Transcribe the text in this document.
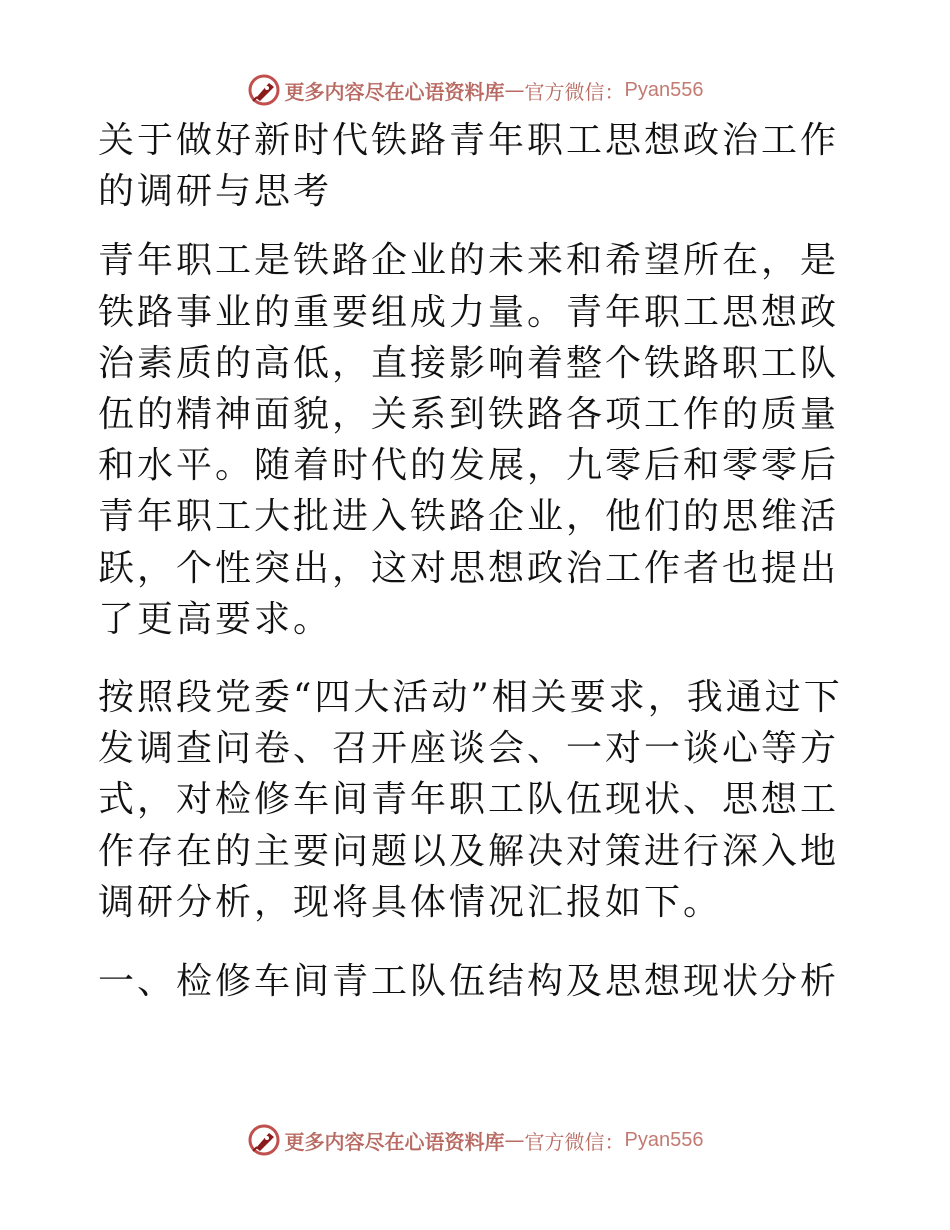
更多内容尽在心语资料库 — 官方微信： Pyan556

关于做好新时代铁路青年职工思想政治工作的调研与思考

青年职工是铁路企业的未来和希望所在，是铁路事业的重要组成力量。青年职工思想政治素质的高低，直接影响着整个铁路职工队伍的精神面貌，关系到铁路各项工作的质量和水平。随着时代的发展，九零后和零零后青年职工大批进入铁路企业，他们的思维活跃，个性突出，这对思想政治工作者也提出了更高要求。

按照段党委“四大活动”相关要求，我通过下发调查问卷、召开座谈会、一对一谈心等方式，对检修车间青年职工队伍现状、思想工作存在的主要问题以及解决对策进行深入地调研分析，现将具体情况汇报如下。

一、检修车间青工队伍结构及思想现状分析

更多内容尽在心语资料库 — 官方微信： Pyan556
